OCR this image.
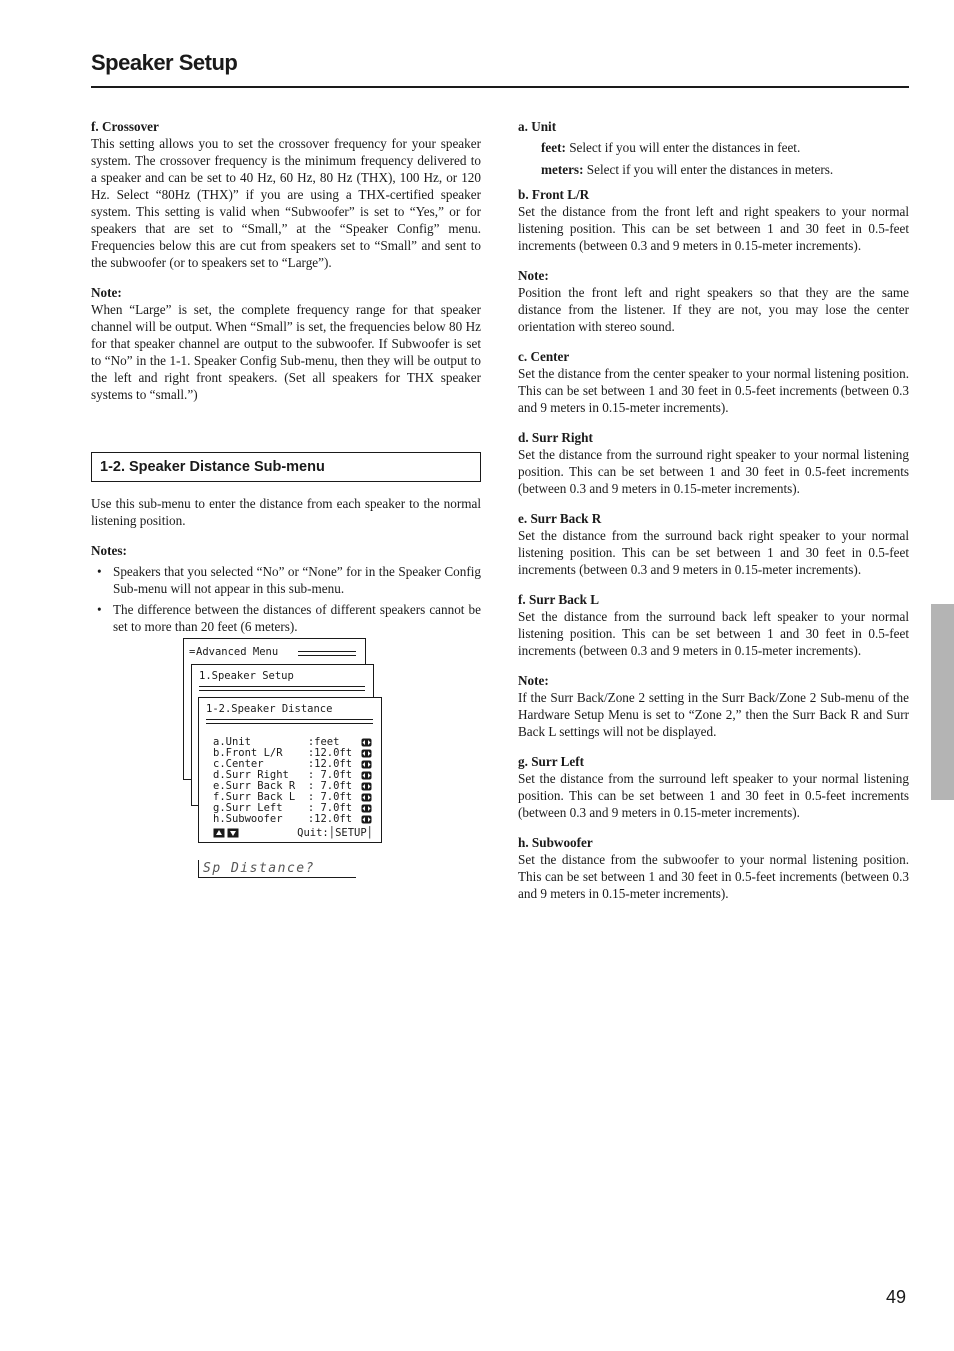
Speaker Setup
f. Crossover
This setting allows you to set the crossover frequency for your speaker system. The crossover frequency is the minimum frequency delivered to a speaker and can be set to 40 Hz, 60 Hz, 80 Hz (THX), 100 Hz, or 120 Hz. Select “80Hz (THX)” if you are using a THX-certified speaker system. This setting is valid when “Subwoofer” is set to “Yes,” or for speakers that are set to “Small,” at the “Speaker Config” menu. Frequencies below this are cut from speakers set to “Small” and sent to the subwoofer (or to speakers set to “Large”).
Note:
When “Large” is set, the complete frequency range for that speaker channel will be output. When “Small” is set, the frequencies below 80 Hz for that speaker channel are output to the subwoofer. If Subwoofer is set to “No” in the 1-1. Speaker Config Sub-menu, then they will be output to the left and right front speakers. (Set all speakers for THX speaker systems to “small.”)
1-2. Speaker Distance Sub-menu
Use this sub-menu to enter the distance from each speaker to the normal listening position.
Notes:
• Speakers that you selected “No” or “None” for in the Speaker Config Sub-menu will not appear in this sub-menu.
• The difference between the distances of different speakers cannot be set to more than 20 feet (6 meters).
= Advanced Menu
1.Speaker Setup
1-2.Speaker Distance
a.Unit         :feet
b.Front L/R    :12.0ft
c.Center       :12.0ft
d.Surr Right   : 7.0ft
e.Surr Back R  : 7.0ft
f.Surr Back L  : 7.0ft
g.Surr Left    : 7.0ft
h.Subwoofer    :12.0ft
Quit:│SETUP│
Sp Distance?
a. Unit
feet: Select if you will enter the distances in feet.
meters: Select if you will enter the distances in meters.
b. Front L/R
Set the distance from the front left and right speakers to your normal listening position. This can be set between 1 and 30 feet in 0.5-feet increments (between 0.3 and 9 meters in 0.15-meter increments).
Note:
Position the front left and right speakers so that they are the same distance from the listener. If they are not, you may lose the center orientation with stereo sound.
c. Center
Set the distance from the center speaker to your normal listening position. This can be set between 1 and 30 feet in 0.5-feet increments (between 0.3 and 9 meters in 0.15-meter increments).
d. Surr Right
Set the distance from the surround right speaker to your normal listening position. This can be set between 1 and 30 feet in 0.5-feet increments (between 0.3 and 9 meters in 0.15-meter increments).
e. Surr Back R
Set the distance from the surround back right speaker to your normal listening position. This can be set between 1 and 30 feet in 0.5-feet increments (between 0.3 and 9 meters in 0.15-meter increments).
f. Surr Back L
Set the distance from the surround back left speaker to your normal listening position. This can be set between 1 and 30 feet in 0.5-feet increments (between 0.3 and 9 meters in 0.15-meter increments).
Note:
If the Surr Back/Zone 2 setting in the Surr Back/Zone 2 Sub-menu of the Hardware Setup Menu is set to “Zone 2,” then the Surr Back R and Surr Back L settings will not be displayed.
g. Surr Left
Set the distance from the surround left speaker to your normal listening position. This can be set between 1 and 30 feet in 0.5-feet increments (between 0.3 and 9 meters in 0.15-meter increments).
h. Subwoofer
Set the distance from the subwoofer to your normal listening position. This can be set between 1 and 30 feet in 0.5-feet increments (between 0.3 and 9 meters in 0.15-meter increments).
49
